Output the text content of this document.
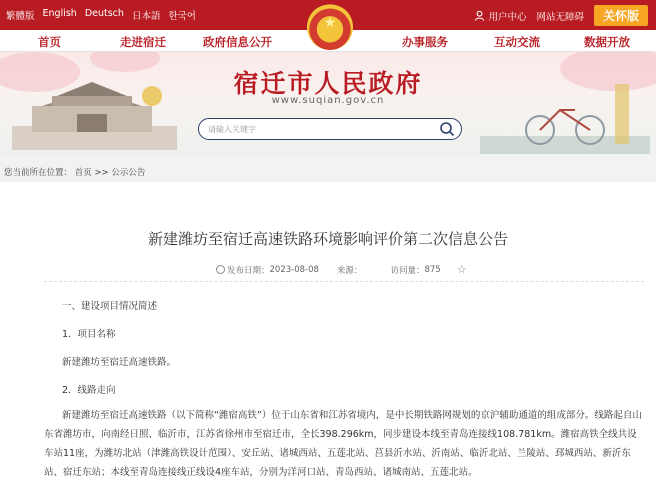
繁體版 English Deutsch 日本語 한국어	用户中心 网站无障碍	关怀版
★
首页	走进宿迁	政府信息公开	办事服务	互动交流	数据开放
宿迁市人民政府
www.suqian.gov.cn
请输入关键字
您当前所在位置： 首页 >> 公示公告
新建潍坊至宿迁高速铁路环境影响评价第二次信息公告
发布日期： 2023-08-08 来源：	访问量： 875 ☆
一、建设项目情况简述
1．项目名称
新建潍坊至宿迁高速铁路。
2．线路走向
新建潍坊至宿迁高速铁路（以下简称“潍宿高铁”）位于山东省和江苏省境内，是中长期铁路网规划的京沪辅助通道的组成部分。线路起自山东省潍坊市，向南经日照、临沂市，江苏省徐州市至宿迁市，全长398.296km，同步建设本线至青岛连接线108.781km。潍宿高铁全线共设车站11座，为潍坊北站（津潍高铁设计范围）、安丘站、诸城西站、五莲北站、莒县沂水站、沂南站、临沂北站、兰陵站、邳城西站、新沂东站、宿迁东站；本线至青岛连接线正线设4座车站，分别为洋河口站、青岛西站、诸城南站、五莲北站。
